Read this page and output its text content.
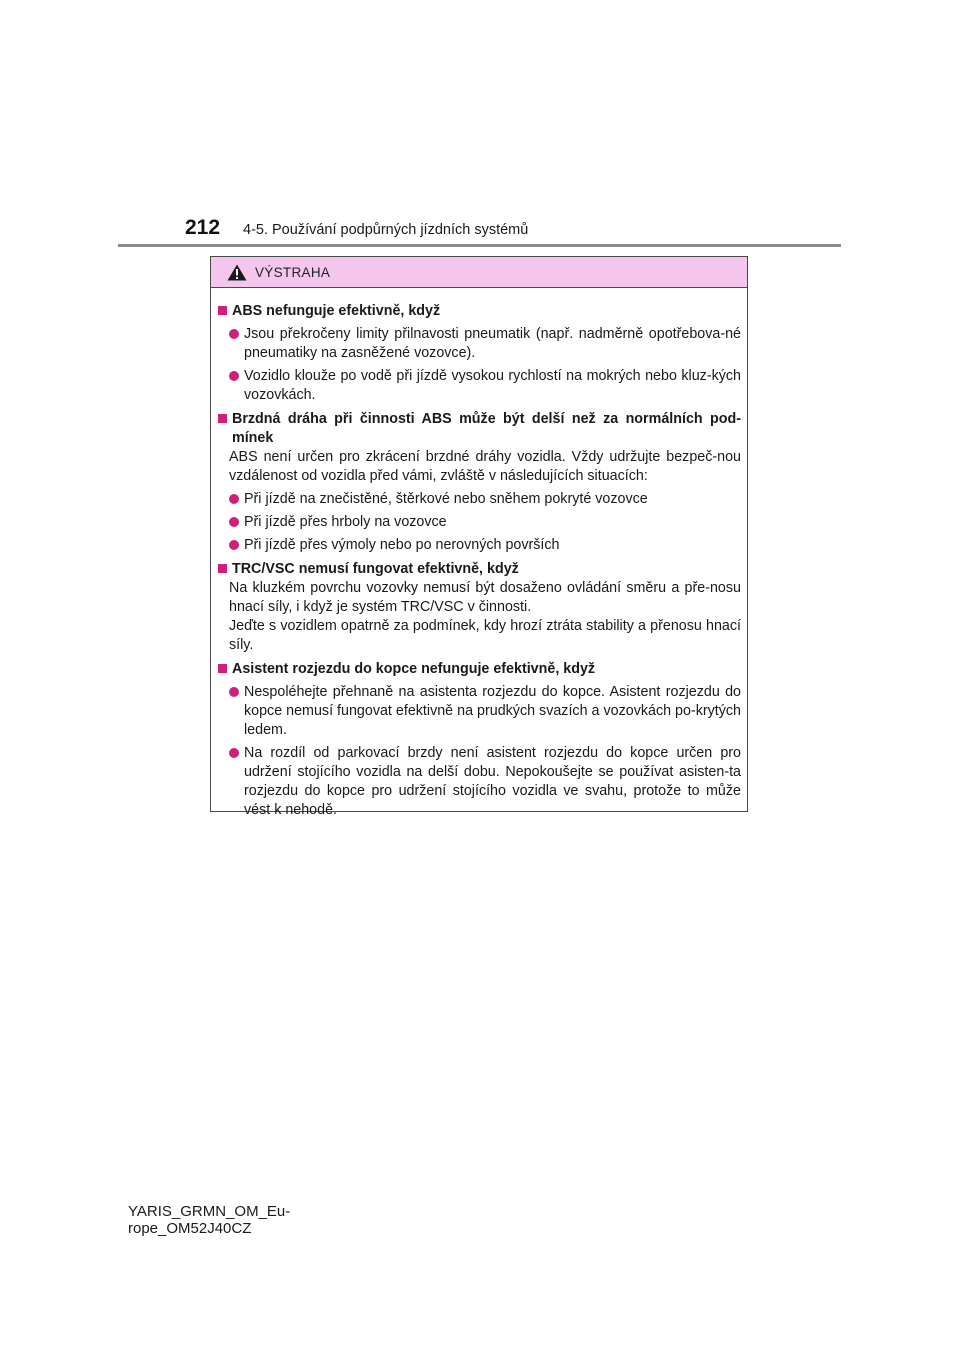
212 4-5. Používání podpůrných jízdních systémů
VÝSTRAHA
ABS nefunguje efektivně, když
Jsou překročeny limity přilnavosti pneumatik (např. nadměrně opotřebova-né pneumatiky na zasněžené vozovce).
Vozidlo klouže po vodě při jízdě vysokou rychlostí na mokrých nebo kluz-kých vozovkách.
Brzdná dráha při činnosti ABS může být delší než za normálních pod-mínek
ABS není určen pro zkrácení brzdné dráhy vozidla. Vždy udržujte bezpeč-nou vzdálenost od vozidla před vámi, zvláště v následujících situacích:
Při jízdě na znečistěné, štěrkové nebo sněhem pokryté vozovce
Při jízdě přes hrboly na vozovce
Při jízdě přes výmoly nebo po nerovných površích
TRC/VSC nemusí fungovat efektivně, když
Na kluzkém povrchu vozovky nemusí být dosaženo ovládání směru a pře-nosu hnací síly, i když je systém TRC/VSC v činnosti.
Jeďte s vozidlem opatrně za podmínek, kdy hrozí ztráta stability a přenosu hnací síly.
Asistent rozjezdu do kopce nefunguje efektivně, když
Nespoléhejte přehnaně na asistenta rozjezdu do kopce. Asistent rozjezdu do kopce nemusí fungovat efektivně na prudkých svazích a vozovkách po-krytých ledem.
Na rozdíl od parkovací brzdy není asistent rozjezdu do kopce určen pro udržení stojícího vozidla na delší dobu. Nepokoušejte se používat asisten-ta rozjezdu do kopce pro udržení stojícího vozidla ve svahu, protože to může vést k nehodě.
YARIS_GRMN_OM_Eu-
rope_OM52J40CZ
